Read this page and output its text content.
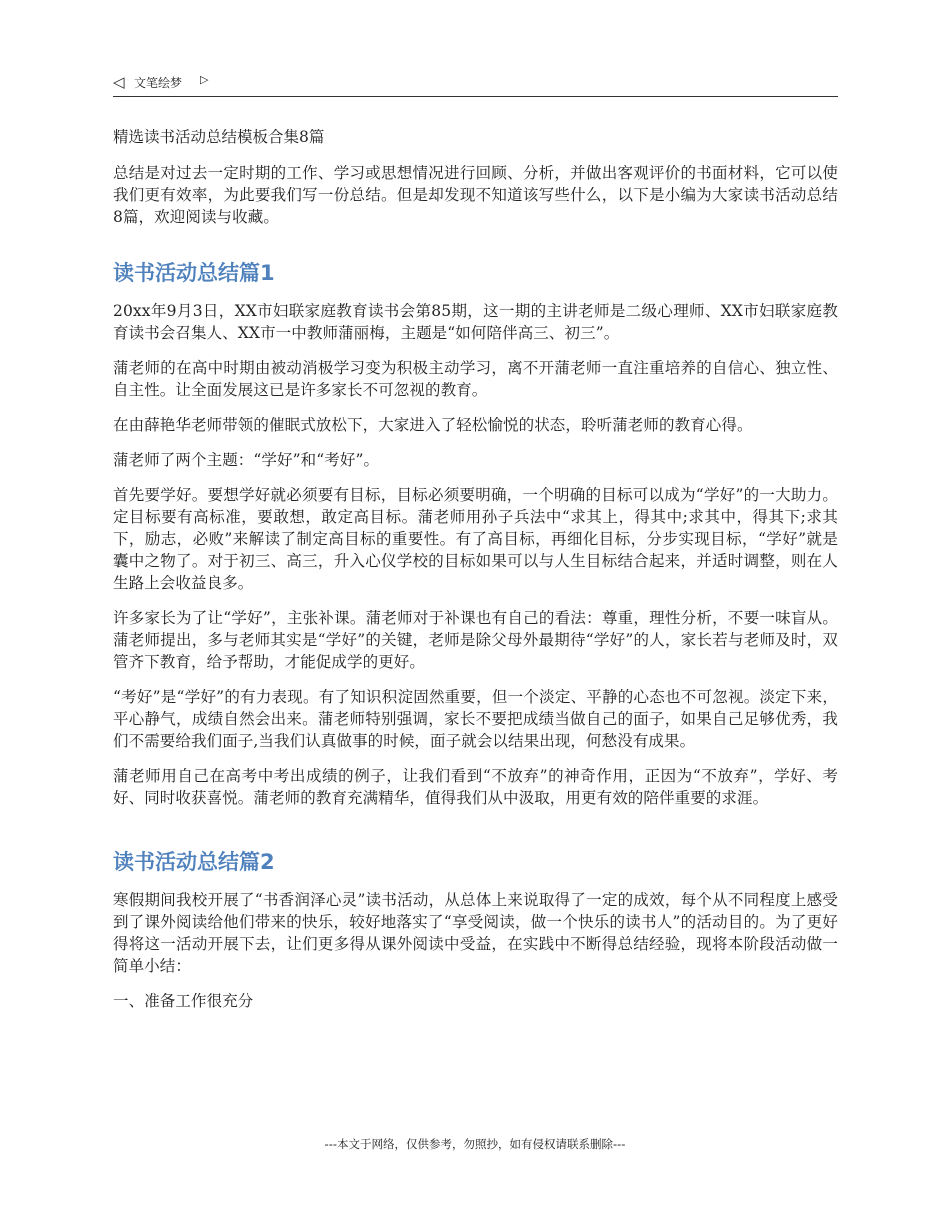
◁ 文笔绘梦 ▷
精选读书活动总结模板合集8篇

总结是对过去一定时期的工作、学习或思想情况进行回顾、分析，并做出客观评价的书面材料，它可以使我们更有效率，为此要我们写一份总结。但是却发现不知道该写些什么，以下是小编为大家读书活动总结8篇，欢迎阅读与收藏。

读书活动总结篇1

20xx年9月3日，XX市妇联家庭教育读书会第85期，这一期的主讲老师是二级心理师、XX市妇联家庭教育读书会召集人、XX市一中教师蒲丽梅，主题是“如何陪伴高三、初三”。

蒲老师的在高中时期由被动消极学习变为积极主动学习，离不开蒲老师一直注重培养的自信心、独立性、自主性。让全面发展这已是许多家长不可忽视的教育。

在由薛艳华老师带领的催眠式放松下，大家进入了轻松愉悦的状态，聆听蒲老师的教育心得。

蒲老师了两个主题：“学好”和“考好”。

首先要学好。要想学好就必须要有目标，目标必须要明确，一个明确的目标可以成为“学好”的一大助力。定目标要有高标准，要敢想，敢定高目标。蒲老师用孙子兵法中“求其上，得其中;求其中，得其下;求其下，励志，必败”来解读了制定高目标的重要性。有了高目标，再细化目标，分步实现目标，“学好”就是囊中之物了。对于初三、高三，升入心仪学校的目标如果可以与人生目标结合起来，并适时调整，则在人生路上会收益良多。

许多家长为了让“学好”，主张补课。蒲老师对于补课也有自己的看法：尊重，理性分析，不要一味盲从。蒲老师提出，多与老师其实是“学好”的关键，老师是除父母外最期待“学好”的人，家长若与老师及时，双管齐下教育，给予帮助，才能促成学的更好。

“考好”是“学好”的有力表现。有了知识积淀固然重要，但一个淡定、平静的心态也不可忽视。淡定下来，平心静气，成绩自然会出来。蒲老师特别强调，家长不要把成绩当做自己的面子，如果自己足够优秀，我们不需要给我们面子,当我们认真做事的时候，面子就会以结果出现，何愁没有成果。

蒲老师用自己在高考中考出成绩的例子，让我们看到“不放弃”的神奇作用，正因为“不放弃”，学好、考好、同时收获喜悦。蒲老师的教育充满精华，值得我们从中汲取，用更有效的陪伴重要的求涯。

读书活动总结篇2

寒假期间我校开展了“书香润泽心灵”读书活动，从总体上来说取得了一定的成效，每个从不同程度上感受到了课外阅读给他们带来的快乐，较好地落实了“享受阅读，做一个快乐的读书人”的活动目的。为了更好得将这一活动开展下去，让们更多得从课外阅读中受益，在实践中不断得总结经验，现将本阶段活动做一简单小结：

一、准备工作很充分

---本文于网络，仅供参考，勿照抄，如有侵权请联系删除---
